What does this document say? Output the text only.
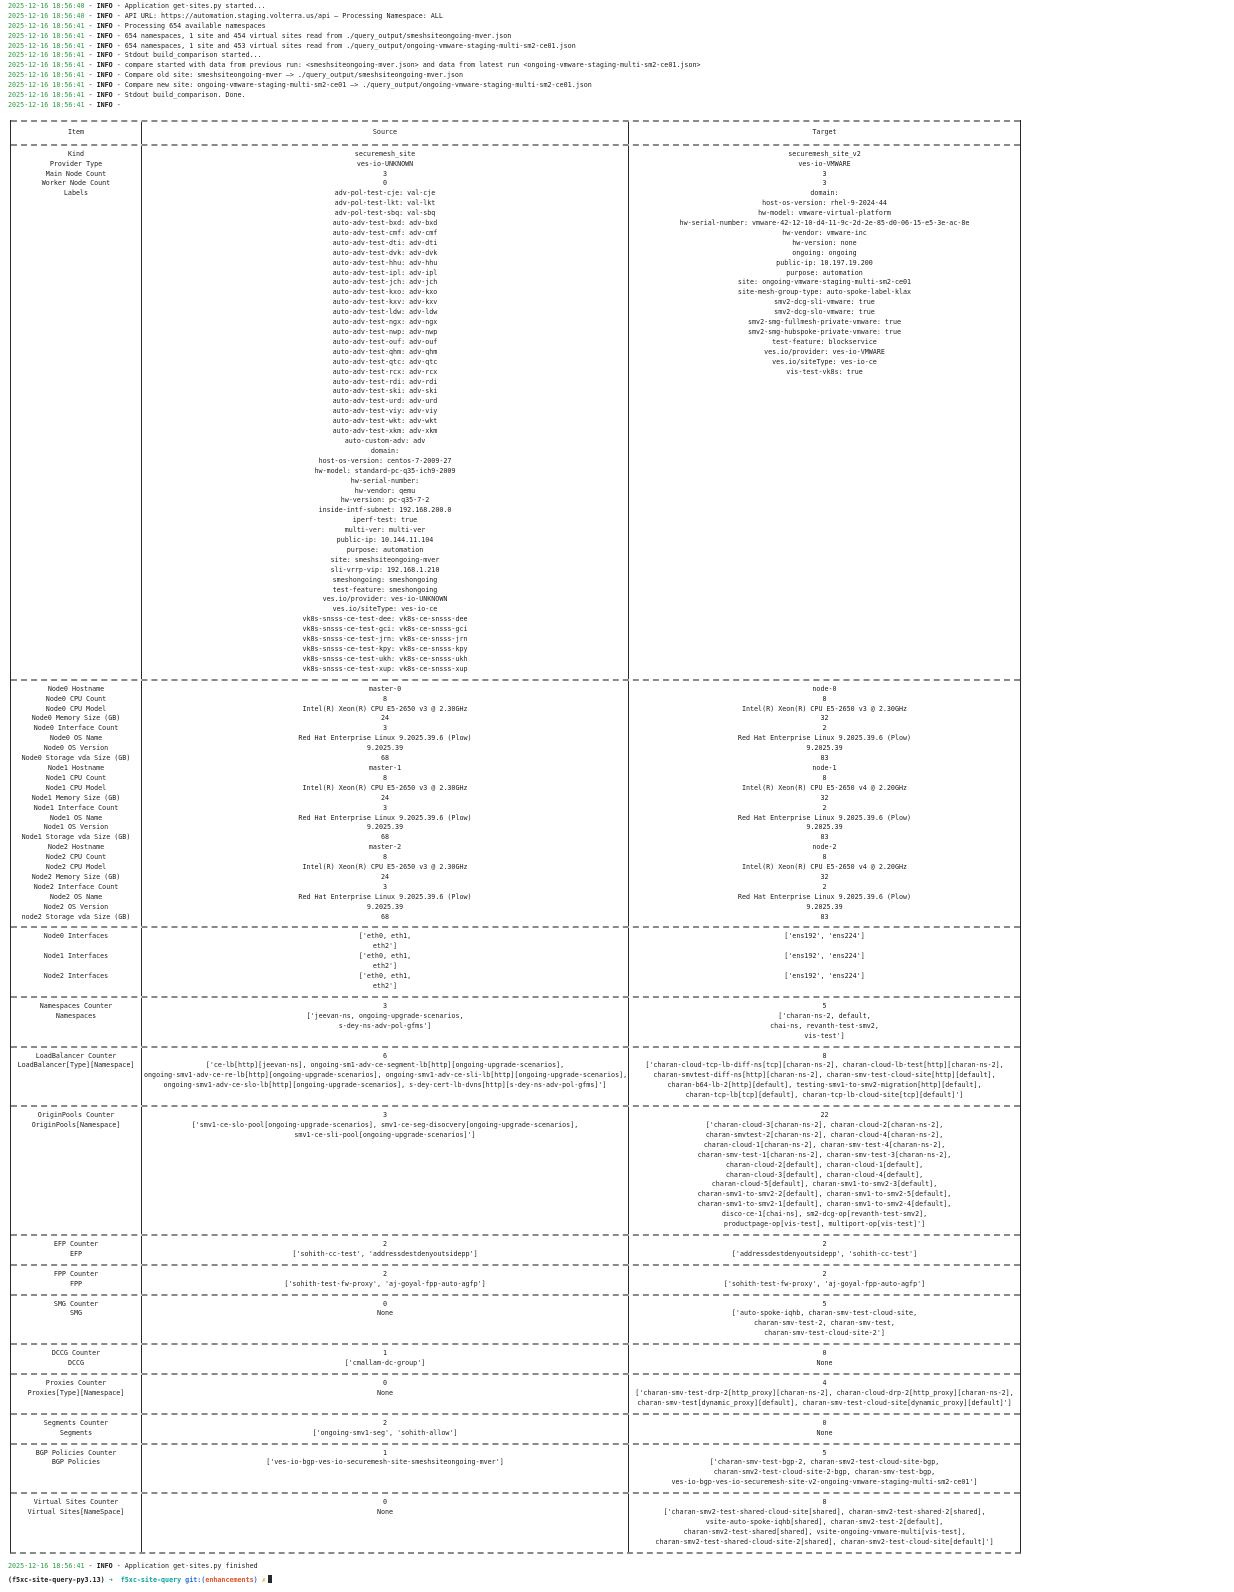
2025-12-16 18:56:40 - INFO - Application get-sites.py started...
2025-12-16 18:56:40 - INFO - API URL: https://automation.staging.volterra.us/api — Processing Namespace: ALL
2025-12-16 18:56:41 - INFO - Processing 654 available namespaces
2025-12-16 18:56:41 - INFO - 654 namespaces, 1 site and 454 virtual sites read from ./query_output/smeshsiteongoing-mver.json
2025-12-16 18:56:41 - INFO - 654 namespaces, 1 site and 453 virtual sites read from ./query_output/ongoing-vmware-staging-multi-sm2-ce01.json
2025-12-16 18:56:41 - INFO - Stdout build_comparison started...
2025-12-16 18:56:41 - INFO - compare started with data from previous run: <smeshsiteongoing-mver.json> and data from latest run <ongoing-vmware-staging-multi-sm2-ce01.json>
2025-12-16 18:56:41 - INFO - Compare old site: smeshsiteongoing-mver —> ./query_output/smeshsiteongoing-mver.json
2025-12-16 18:56:41 - INFO - Compare new site: ongoing-vmware-staging-multi-sm2-ce01 —> ./query_output/ongoing-vmware-staging-multi-sm2-ce01.json
2025-12-16 18:56:41 - INFO - Stdout build_comparison. Done.
2025-12-16 18:56:41 - INFO -
Item	Source	Target
Kind
Provider Type
Main Node Count
Worker Node Count
Labels
securemesh_site
ves-io-UNKNOWN
3
0
adv-pol-test-cje: val-cje
adv-pol-test-lkt: val-lkt
adv-pol-test-sbq: val-sbq
auto-adv-test-bxd: adv-bxd
auto-adv-test-cmf: adv-cmf
auto-adv-test-dti: adv-dti
auto-adv-test-dvk: adv-dvk
auto-adv-test-hhu: adv-hhu
auto-adv-test-ipl: adv-ipl
auto-adv-test-jch: adv-jch
auto-adv-test-kxo: adv-kxo
auto-adv-test-kxv: adv-kxv
auto-adv-test-ldw: adv-ldw
auto-adv-test-ngx: adv-ngx
auto-adv-test-nwp: adv-nwp
auto-adv-test-ouf: adv-ouf
auto-adv-test-qhm: adv-qhm
auto-adv-test-qtc: adv-qtc
auto-adv-test-rcx: adv-rcx
auto-adv-test-rdi: adv-rdi
auto-adv-test-ski: adv-ski
auto-adv-test-urd: adv-urd
auto-adv-test-viy: adv-viy
auto-adv-test-wkt: adv-wkt
auto-adv-test-xkm: adv-xkm
auto-custom-adv: adv
domain:
host-os-version: centos-7-2009-27
hw-model: standard-pc-q35-ich9-2009
hw-serial-number:
hw-vendor: qemu
hw-version: pc-q35-7-2
inside-intf-subnet: 192.168.200.0
iperf-test: true
multi-ver: multi-ver
public-ip: 10.144.11.104
purpose: automation
site: smeshsiteongoing-mver
sli-vrrp-vip: 192.168.1.210
smeshongoing: smeshongoing
test-feature: smeshongoing
ves.io/provider: ves-io-UNKNOWN
ves.io/siteType: ves-io-ce
vk8s-snsss-ce-test-dee: vk8s-ce-snsss-dee
vk8s-snsss-ce-test-gci: vk8s-ce-snsss-gci
vk8s-snsss-ce-test-jrn: vk8s-ce-snsss-jrn
vk8s-snsss-ce-test-kpy: vk8s-ce-snsss-kpy
vk8s-snsss-ce-test-ukh: vk8s-ce-snsss-ukh
vk8s-snsss-ce-test-xup: vk8s-ce-snsss-xup
securemesh_site_v2
ves-io-VMWARE
3
3
domain:
host-os-version: rhel-9-2024-44
hw-model: vmware-virtual-platform
hw-serial-number: vmware-42-12-10-d4-11-9c-2d-2e-85-d0-06-15-e5-3e-ac-8e
hw-vendor: vmware-inc
hw-version: none
ongoing: ongoing
public-ip: 10.197.19.200
purpose: automation
site: ongoing-vmware-staging-multi-sm2-ce01
site-mesh-group-type: auto-spoke-label-klax
smv2-dcg-sli-vmware: true
smv2-dcg-slo-vmware: true
smv2-smg-fullmesh-private-vmware: true
smv2-smg-hubspoke-private-vmware: true
test-feature: blockservice
ves.io/provider: ves-io-VMWARE
ves.io/siteType: ves-io-ce
vis-test-vk8s: true
Node0 Hostname
Node0 CPU Count
Node0 CPU Model
Node0 Memory Size (GB)
Node0 Interface Count
Node0 OS Name
Node0 OS Version
Node0 Storage vda Size (GB)
Node1 Hostname
Node1 CPU Count
Node1 CPU Model
Node1 Memory Size (GB)
Node1 Interface Count
Node1 OS Name
Node1 OS Version
Node1 Storage vda Size (GB)
Node2 Hostname
Node2 CPU Count
Node2 CPU Model
Node2 Memory Size (GB)
Node2 Interface Count
Node2 OS Name
Node2 OS Version
node2 Storage vda Size (GB)
master-0
8
Intel(R) Xeon(R) CPU E5-2650 v3 @ 2.30GHz
24
3
Red Hat Enterprise Linux 9.2025.39.6 (Plow)
9.2025.39
68
master-1
8
Intel(R) Xeon(R) CPU E5-2650 v3 @ 2.30GHz
24
3
Red Hat Enterprise Linux 9.2025.39.6 (Plow)
9.2025.39
68
master-2
8
Intel(R) Xeon(R) CPU E5-2650 v3 @ 2.30GHz
24
3
Red Hat Enterprise Linux 9.2025.39.6 (Plow)
9.2025.39
68
node-0
8
Intel(R) Xeon(R) CPU E5-2650 v3 @ 2.30GHz
32
2
Red Hat Enterprise Linux 9.2025.39.6 (Plow)
9.2025.39
83
node-1
8
Intel(R) Xeon(R) CPU E5-2650 v4 @ 2.20GHz
32
2
Red Hat Enterprise Linux 9.2025.39.6 (Plow)
9.2025.39
83
node-2
8
Intel(R) Xeon(R) CPU E5-2650 v4 @ 2.20GHz
32
2
Red Hat Enterprise Linux 9.2025.39.6 (Plow)
9.2025.39
83
Node0 Interfaces

Node1 Interfaces

Node2 Interfaces

['eth0, eth1,
eth2']
['eth0, eth1,
eth2']
['eth0, eth1,
eth2']
['ens192', 'ens224']

['ens192', 'ens224']

['ens192', 'ens224']

Namespaces Counter
Namespaces
3
['jeevan-ns, ongoing-upgrade-scenarios,
s-dey-ns-adv-pol-gfms']
5
['charan-ns-2, default,
chai-ns, revanth-test-smv2,
vis-test']
LoadBalancer Counter
LoadBalancer[Type][Namespace]
6
['ce-lb[http][jeevan-ns], ongoing-sm1-adv-ce-segment-lb[http][ongoing-upgrade-scenarios],
ongoing-smv1-adv-ce-re-lb[http][ongoing-upgrade-scenarios], ongoing-smv1-adv-ce-sli-lb[http][ongoing-upgrade-scenarios],
ongoing-smv1-adv-ce-slo-lb[http][ongoing-upgrade-scenarios], s-dey-cert-lb-dvns[http][s-dey-ns-adv-pol-gfms]']
8
['charan-cloud-tcp-lb-diff-ns[tcp][charan-ns-2], charan-cloud-lb-test[http][charan-ns-2],
charan-smvtest-diff-ns[http][charan-ns-2], charan-smv-test-cloud-site[http][default],
charan-b64-lb-2[http][default], testing-smv1-to-smv2-migration[http][default],
charan-tcp-lb[tcp][default], charan-tcp-lb-cloud-site[tcp][default]']
OriginPools Counter
OriginPools[Namespace]
3
['smv1-ce-slo-pool[ongoing-upgrade-scenarios], smv1-ce-seg-disocvery[ongoing-upgrade-scenarios],
smv1-ce-sli-pool[ongoing-upgrade-scenarios]']
22
['charan-cloud-3[charan-ns-2], charan-cloud-2[charan-ns-2],
charan-smvtest-2[charan-ns-2], charan-cloud-4[charan-ns-2],
charan-cloud-1[charan-ns-2], charan-smv-test-4[charan-ns-2],
charan-smv-test-1[charan-ns-2], charan-smv-test-3[charan-ns-2],
charan-cloud-2[default], charan-cloud-1[default],
charan-cloud-3[default], charan-cloud-4[default],
charan-cloud-5[default], charan-smv1-to-smv2-3[default],
charan-smv1-to-smv2-2[default], charan-smv1-to-smv2-5[default],
charan-smv1-to-smv2-1[default], charan-smv1-to-smv2-4[default],
disco-ce-1[chai-ns], sm2-dcg-op[revanth-test-smv2],
productpage-op[vis-test], multiport-op[vis-test]']
EFP Counter
EFP
2
['sohith-cc-test', 'addressdestdenyoutsidepp']
2
['addressdestdenyoutsidepp', 'sohith-cc-test']
FPP Counter
FPP
2
['sohith-test-fw-proxy', 'aj-goyal-fpp-auto-agfp']
2
['sohith-test-fw-proxy', 'aj-goyal-fpp-auto-agfp']
SMG Counter
SMG
0
None
5
['auto-spoke-iqhb, charan-smv-test-cloud-site,
charan-smv-test-2, charan-smv-test,
charan-smv-test-cloud-site-2']
DCCG Counter
DCCG
1
['cmallam-dc-group']
0
None
Proxies Counter
Proxies[Type][Namespace]
0
None
4
['charan-smv-test-drp-2[http_proxy][charan-ns-2], charan-cloud-drp-2[http_proxy][charan-ns-2],
charan-smv-test[dynamic_proxy][default], charan-smv-test-cloud-site[dynamic_proxy][default]']
Segments Counter
Segments
2
['ongoing-smv1-seg', 'sohith-allow']
0
None
BGP Policies Counter
BGP Policies
1
['ves-io-bgp-ves-io-securemesh-site-smeshsiteongoing-mver']
5
['charan-smv-test-bgp-2, charan-smv2-test-cloud-site-bgp,
charan-smv2-test-cloud-site-2-bgp, charan-smv-test-bgp,
ves-io-bgp-ves-io-securemesh-site-v2-ongoing-vmware-staging-multi-sm2-ce01']
Virtual Sites Counter
Virtual Sites[NameSpace]
0
None
8
['charan-smv2-test-shared-cloud-site[shared], charan-smv2-test-shared-2[shared],
vsite-auto-spoke-iqhb[shared], charan-smv2-test-2[default],
charan-smv2-test-shared[shared], vsite-ongoing-vmware-multi[vis-test],
charan-smv2-test-shared-cloud-site-2[shared], charan-smv2-test-cloud-site[default]']
2025-12-16 18:56:41 - INFO - Application get-sites.py finished
(f5xc-site-query-py3.13) ➜  f5xc-site-query git:(enhancements) ✗
